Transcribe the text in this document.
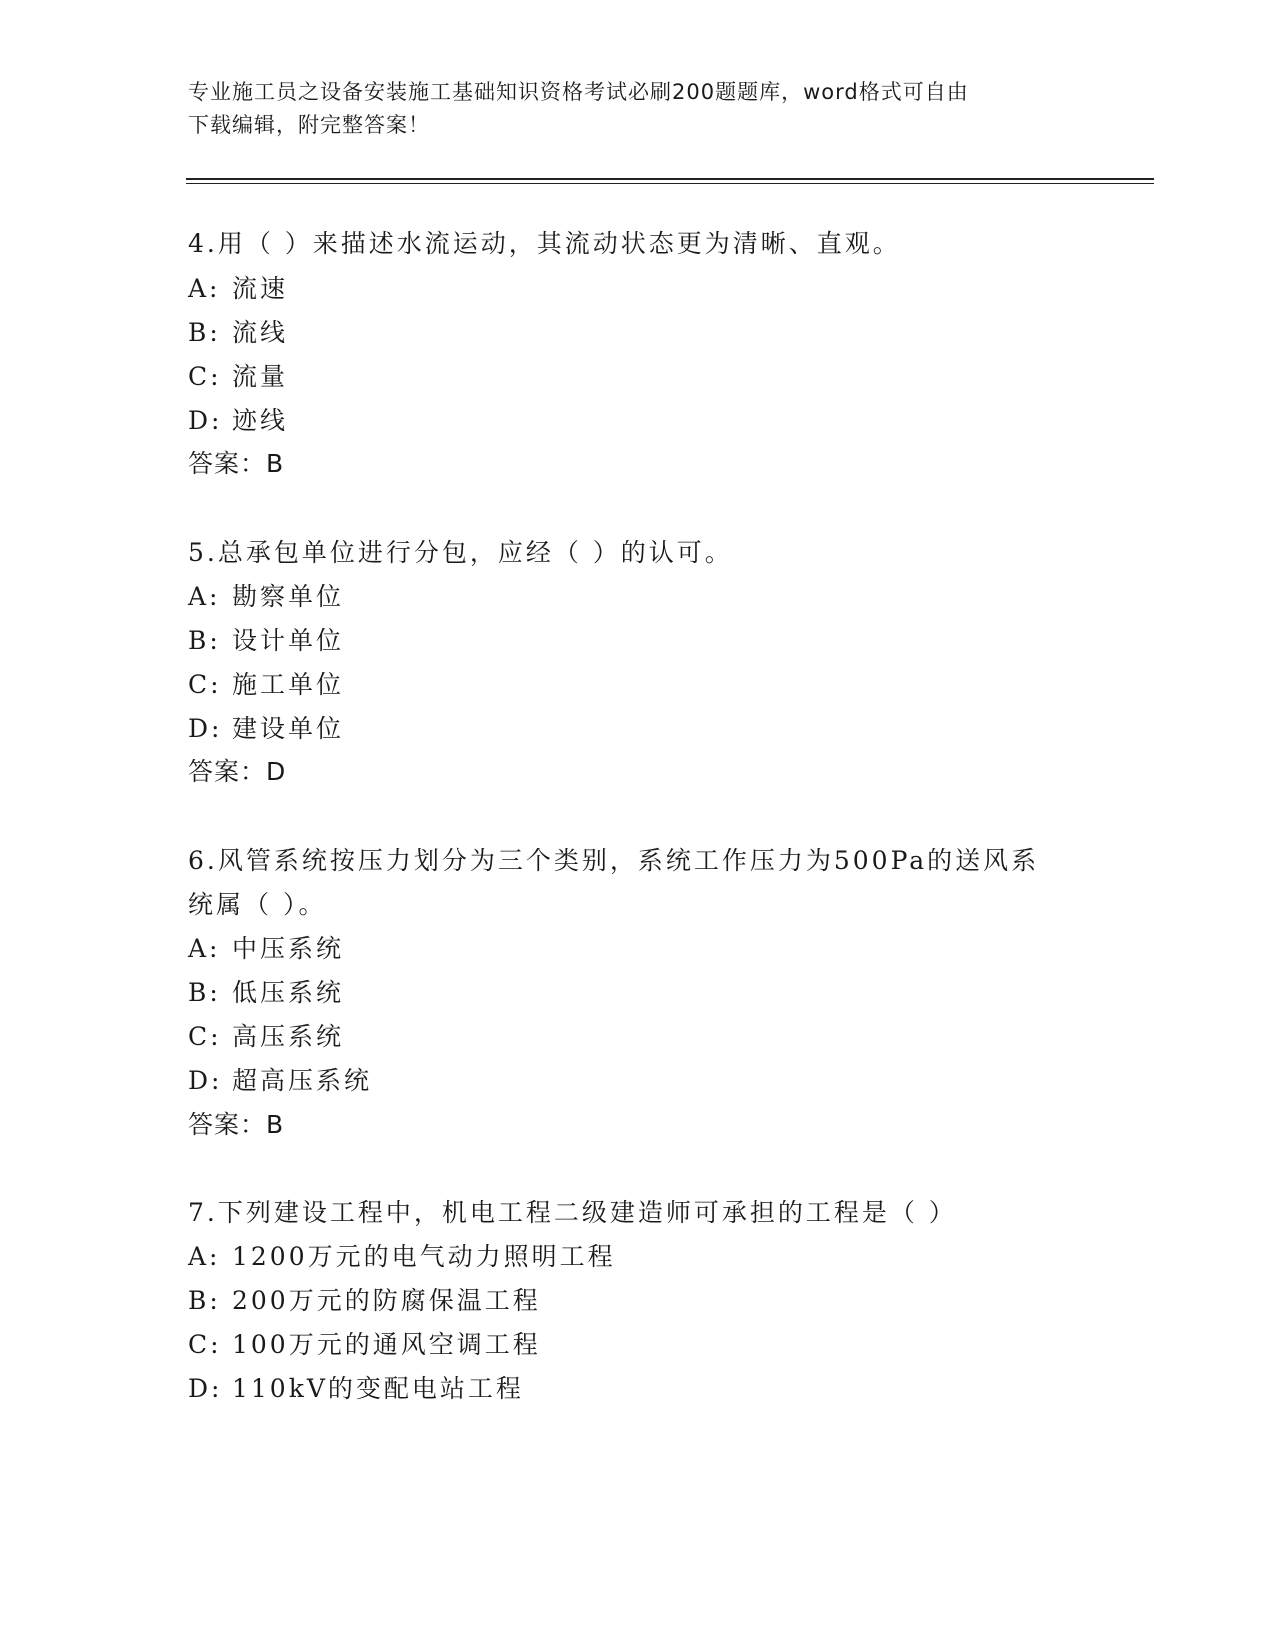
专业施工员之设备安装施工基础知识资格考试必刷200题题库，word格式可自由
下载编辑，附完整答案！
4.用（ ）来描述水流运动，其流动状态更为清晰、直观。
A: 流速
B: 流线
C: 流量
D: 迹线
答案：B
5.总承包单位进行分包，应经（ ）的认可。
A: 勘察单位
B: 设计单位
C: 施工单位
D: 建设单位
答案：D
6.风管系统按压力划分为三个类别，系统工作压力为500Pa的送风系
统属（ ）。
A: 中压系统
B: 低压系统
C: 高压系统
D: 超高压系统
答案：B
7.下列建设工程中，机电工程二级建造师可承担的工程是（ ）
A: 1200万元的电气动力照明工程
B: 200万元的防腐保温工程
C: 100万元的通风空调工程
D: 110kV的变配电站工程
